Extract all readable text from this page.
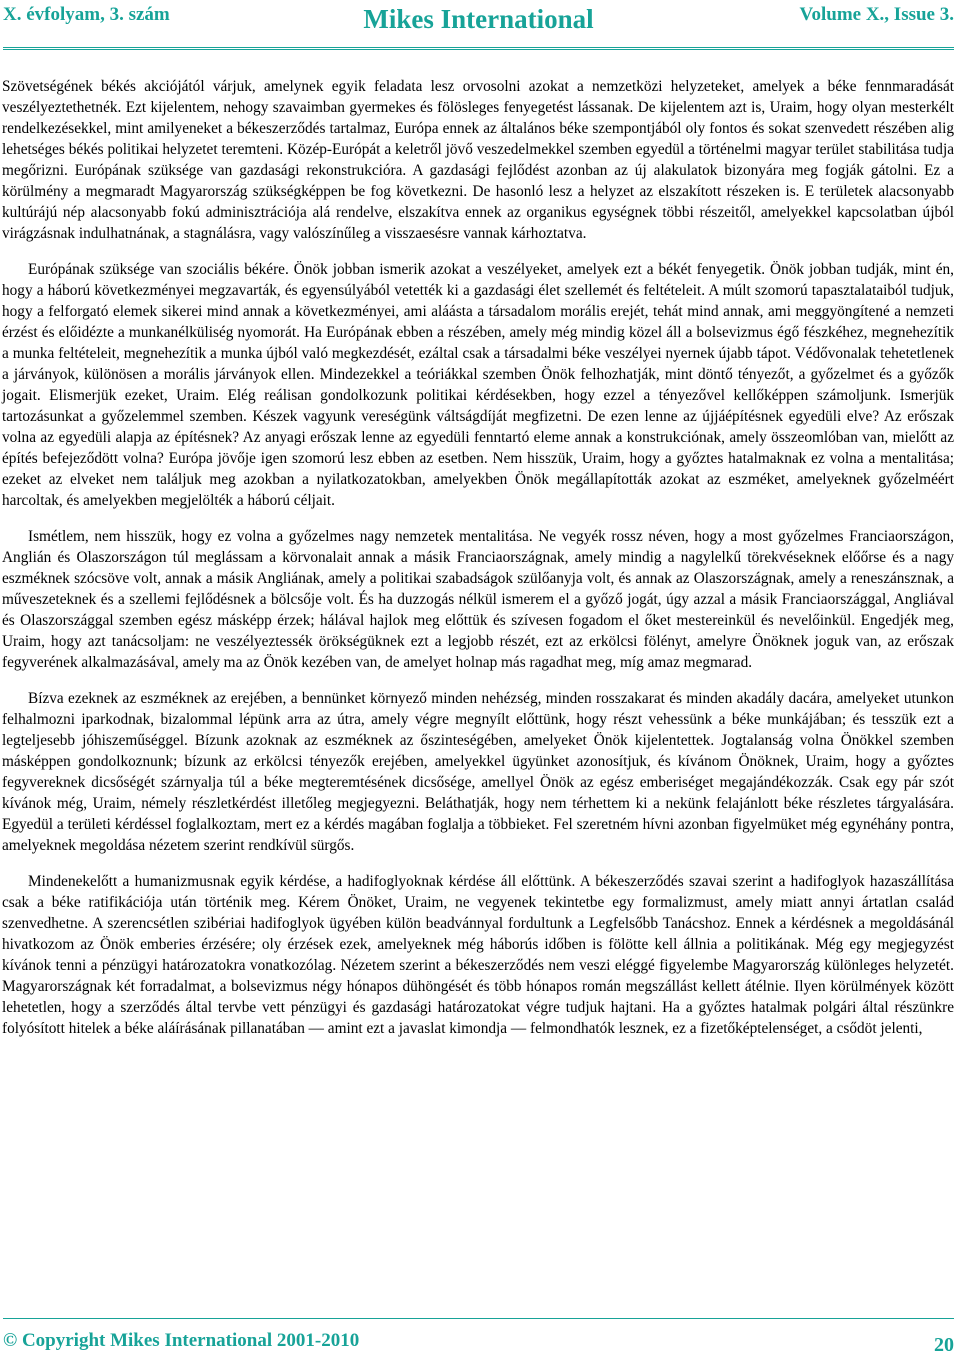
X. évfolyam, 3. szám	Mikes International	Volume X., Issue 3.

Szövetségének békés akciójától várjuk, amelynek egyik feladata lesz orvosolni azokat a nemzetközi helyzeteket, amelyek a béke fennmaradását veszélyeztethetnék. Ezt kijelentem, nehogy szavaimban gyermekes és fölösleges fenyegetést lássanak. De kijelentem azt is, Uraim, hogy olyan mesterkélt rendelkezésekkel, mint amilyeneket a békeszerződés tartalmaz, Európa ennek az általános béke szempontjából oly fontos és sokat szenvedett részében alig lehetséges békés politikai helyzetet teremteni. Közép-Európát a keletről jövő veszedelmekkel szemben egyedül a történelmi magyar terület stabilitása tudja megőrizni. Európának szüksége van gazdasági rekonstrukcióra. A gazdasági fejlődést azonban az új alakulatok bizonyára meg fogják gátolni. Ez a körülmény a megmaradt Magyarország szükségképpen be fog következni. De hasonló lesz a helyzet az elszakított részeken is. E területek alacsonyabb kultúrájú nép alacsonyabb fokú adminisztrációja alá rendelve, elszakítva ennek az organikus egységnek többi részeitől, amelyekkel kapcsolatban újból virágzásnak indulhatnának, a stagnálásra, vagy valószínűleg a visszaesésre vannak kárhoztatva.

Európának szüksége van szociális békére. Önök jobban ismerik azokat a veszélyeket, amelyek ezt a békét fenyegetik. Önök jobban tudják, mint én, hogy a háború következményei megzavarták, és egyensúlyából vetették ki a gazdasági élet szellemét és feltételeit. A múlt szomorú tapasztalataiból tudjuk, hogy a felforgató elemek sikerei mind annak a következményei, ami aláásta a társadalom morális erejét, tehát mind annak, ami meggyöngítené a nemzeti érzést és előidézte a munkanélküliség nyomorát. Ha Európának ebben a részében, amely még mindig közel áll a bolsevizmus égő fészkéhez, megnehezítik a munka feltételeit, megnehezítik a munka újból való megkezdését, ezáltal csak a társadalmi béke veszélyei nyernek újabb tápot. Védővonalak tehetetlenek a járványok, különösen a morális járványok ellen. Mindezekkel a teóriákkal szemben Önök felhozhatják, mint döntő tényezőt, a győzelmet és a győzők jogait. Elismerjük ezeket, Uraim. Elég reálisan gondolkozunk politikai kérdésekben, hogy ezzel a tényezővel kellőképpen számoljunk. Ismerjük tartozásunkat a győzelemmel szemben. Készek vagyunk vereségünk váltságdíját megfizetni. De ezen lenne az újjáépítésnek egyedüli elve? Az erőszak volna az egyedüli alapja az építésnek? Az anyagi erőszak lenne az egyedüli fenntartó eleme annak a konstrukciónak, amely összeomlóban van, mielőtt az építés befejeződött volna? Európa jövője igen szomorú lesz ebben az esetben. Nem hisszük, Uraim, hogy a győztes hatalmaknak ez volna a mentalitása; ezeket az elveket nem találjuk meg azokban a nyilatkozatokban, amelyekben Önök megállapították azokat az eszméket, amelyeknek győzelméért harcoltak, és amelyekben megjelölték a háború céljait.

Ismétlem, nem hisszük, hogy ez volna a győzelmes nagy nemzetek mentalitása. Ne vegyék rossz néven, hogy a most győzelmes Franciaországon, Anglián és Olaszországon túl meglássam a körvonalait annak a másik Franciaországnak, amely mindig a nagylelkű törekvéseknek előőrse és a nagy eszméknek szócsöve volt, annak a másik Angliának, amely a politikai szabadságok szülőanyja volt, és annak az Olaszországnak, amely a reneszánsznak, a műveszeteknek és a szellemi fejlődésnek a bölcsője volt. És ha duzzogás nélkül ismerem el a győző jogát, úgy azzal a másik Franciaországgal, Angliával és Olaszországgal szemben egész másképp érzek; hálával hajlok meg előttük és szívesen fogadom el őket mestereinkül és nevelőinkül. Engedjék meg, Uraim, hogy azt tanácsoljam: ne veszélyeztessék örökségüknek ezt a legjobb részét, ezt az erkölcsi fölényt, amelyre Önöknek joguk van, az erőszak fegyverének alkalmazásával, amely ma az Önök kezében van, de amelyet holnap más ragadhat meg, míg amaz megmarad.

Bízva ezeknek az eszméknek az erejében, a bennünket környező minden nehézség, minden rosszakarat és minden akadály dacára, amelyeket utunkon felhalmozni iparkodnak, bizalommal lépünk arra az útra, amely végre megnyílt előttünk, hogy részt vehessünk a béke munkájában; és tesszük ezt a legteljesebb jóhiszeműséggel. Bízunk azoknak az eszméknek az őszinteségében, amelyeket Önök kijelentettek. Jogtalanság volna Önökkel szemben másképpen gondolkoznunk; bízunk az erkölcsi tényezők erejében, amelyekkel ügyünket azonosítjuk, és kívánom Önöknek, Uraim, hogy a győztes fegyvereknek dicsőségét szárnyalja túl a béke megteremtésének dicsősége, amellyel Önök az egész emberiséget megajándékozzák. Csak egy pár szót kívánok még, Uraim, némely részletkérdést illetőleg megjegyezni. Beláthatják, hogy nem térhettem ki a nekünk felajánlott béke részletes tárgyalására. Egyedül a területi kérdéssel foglalkoztam, mert ez a kérdés magában foglalja a többieket. Fel szeretném hívni azonban figyelmüket még egynéhány pontra, amelyeknek megoldása nézetem szerint rendkívül sürgős.

Mindenekelőtt a humanizmusnak egyik kérdése, a hadifoglyoknak kérdése áll előttünk. A békeszerződés szavai szerint a hadifoglyok hazaszállítása csak a béke ratifikációja után történik meg. Kérem Önöket, Uraim, ne vegyenek tekintetbe egy formalizmust, amely miatt annyi ártatlan család szenvedhetne. A szerencsétlen szibériai hadifoglyok ügyében külön beadvánnyal fordultunk a Legfelsőbb Tanácshoz. Ennek a kérdésnek a megoldásánál hivatkozom az Önök emberies érzésére; oly érzések ezek, amelyeknek még háborús időben is fölötte kell állnia a politikának. Még egy megjegyzést kívánok tenni a pénzügyi határozatokra vonatkozólag. Nézetem szerint a békeszerződés nem veszi eléggé figyelembe Magyarország különleges helyzetét. Magyarországnak két forradalmat, a bolsevizmus négy hónapos dühöngését és több hónapos román megszállást kellett átélnie. Ilyen körülmények között lehetetlen, hogy a szerződés által tervbe vett pénzügyi és gazdasági határozatokat végre tudjuk hajtani. Ha a győztes hatalmak polgári által részünkre folyósított hitelek a béke aláírásának pillanatában — amint ezt a javaslat kimondja — felmondhatók lesznek, ez a fizetőképtelenséget, a csődöt jelenti,

© Copyright Mikes International 2001-2010	20
